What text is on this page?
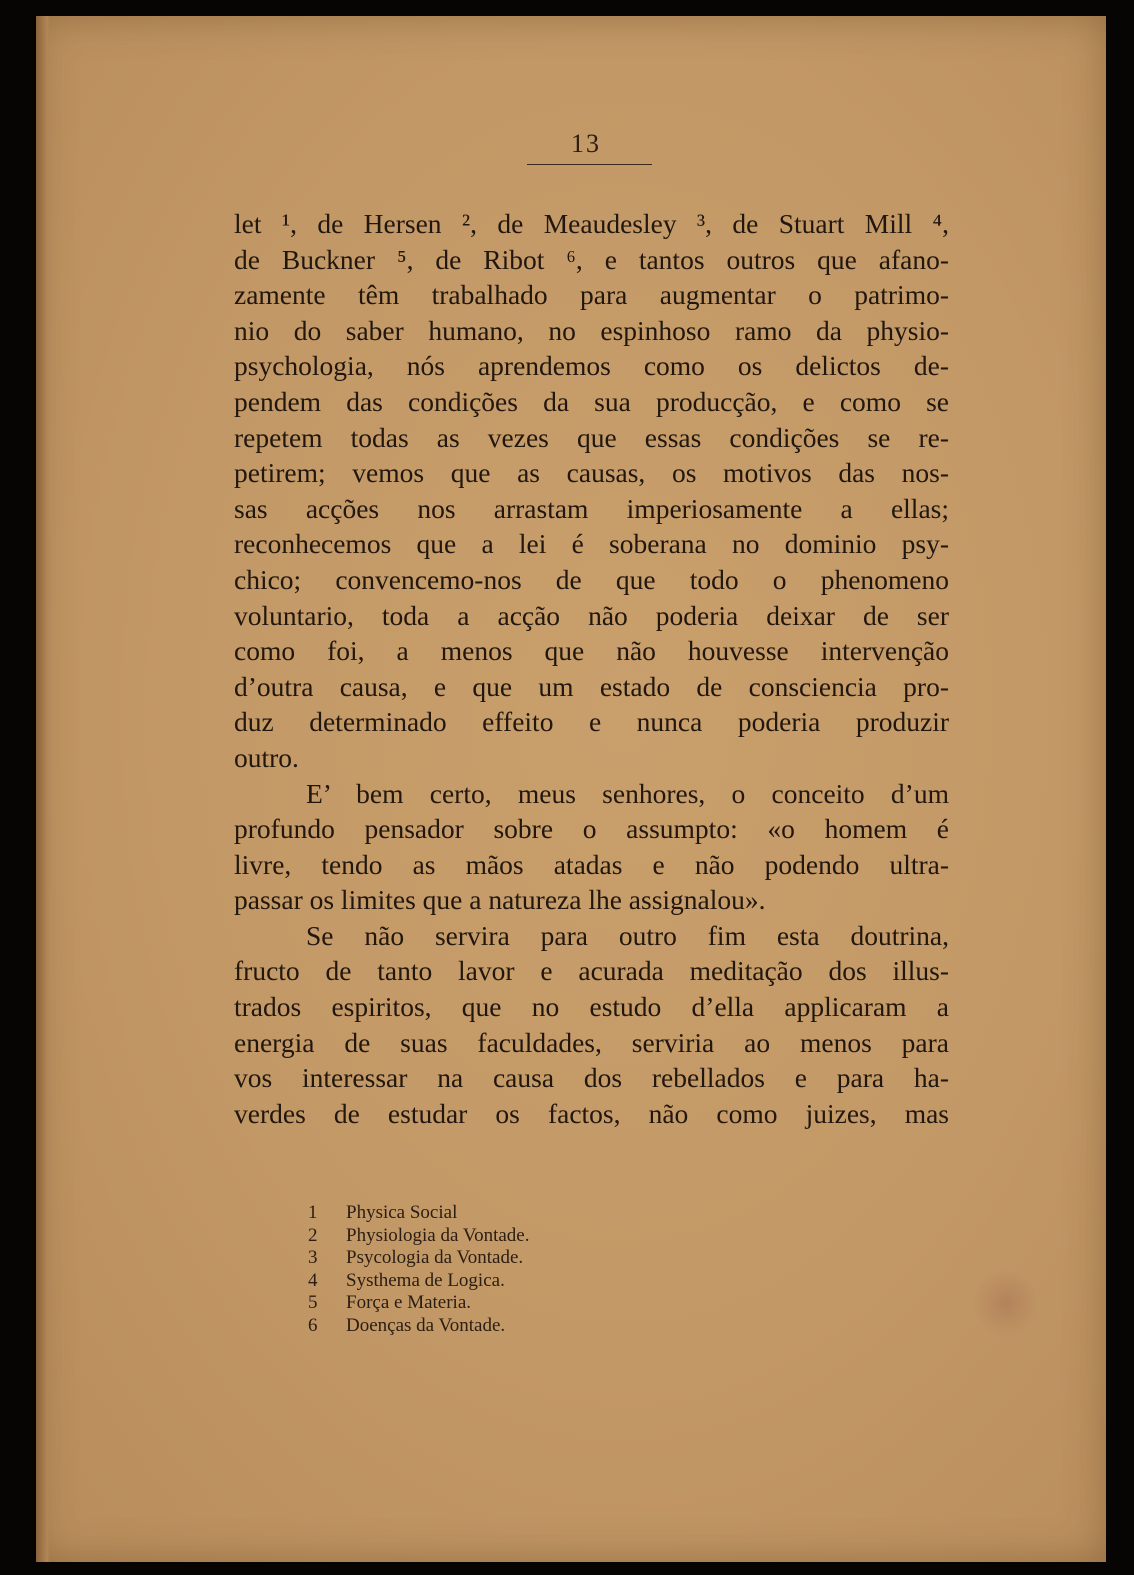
13
let ¹, de Hersen ², de Meaudesley ³, de Stuart Mill ⁴,
de Buckner ⁵, de Ribot ⁶, e tantos outros que afano-
zamente têm trabalhado para augmentar o patrimo-
nio do saber humano, no espinhoso ramo da physio-
psychologia, nós aprendemos como os delictos de-
pendem das condições da sua producção, e como se
repetem todas as vezes que essas condições se re-
petirem; vemos que as causas, os motivos das nos-
sas acções nos arrastam imperiosamente a ellas;
reconhecemos que a lei é soberana no dominio psy-
chico; convencemo-nos de que todo o phenomeno
voluntario, toda a acção não poderia deixar de ser
como foi, a menos que não houvesse intervenção
d’outra causa, e que um estado de consciencia pro-
duz determinado effeito e nunca poderia produzir
outro.
E’ bem certo, meus senhores, o conceito d’um
profundo pensador sobre o assumpto: «o homem é
livre, tendo as mãos atadas e não podendo ultra-
passar os limites que a natureza lhe assignalou».
Se não servira para outro fim esta doutrina,
fructo de tanto lavor e acurada meditação dos illus-
trados espiritos, que no estudo d’ella applicaram a
energia de suas faculdades, serviria ao menos para
vos interessar na causa dos rebellados e para ha-
verdes de estudar os factos, não como juizes, mas
1	Physica Social
2	Physiologia da Vontade.
3	Psycologia da Vontade.
4	Systhema de Logica.
5	Força e Materia.
6	Doenças da Vontade.
